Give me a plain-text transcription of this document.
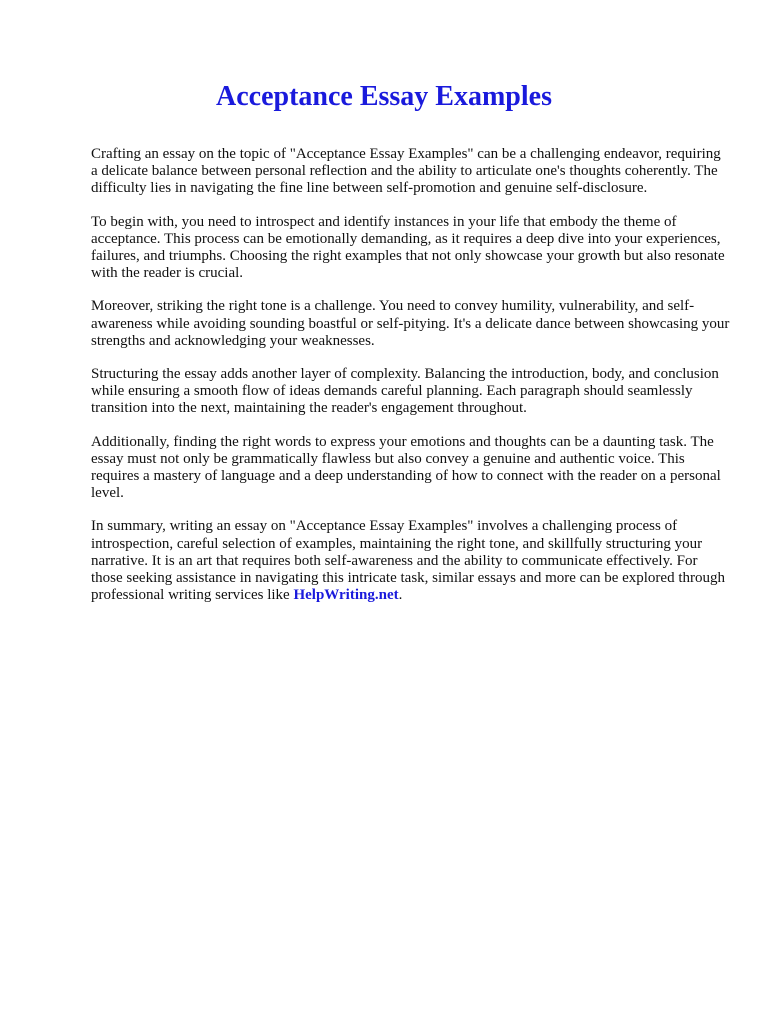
Acceptance Essay Examples

Crafting an essay on the topic of "Acceptance Essay Examples" can be a challenging endeavor, requiring a delicate balance between personal reflection and the ability to articulate one's thoughts coherently. The difficulty lies in navigating the fine line between self-promotion and genuine self-disclosure.

To begin with, you need to introspect and identify instances in your life that embody the theme of acceptance. This process can be emotionally demanding, as it requires a deep dive into your experiences, failures, and triumphs. Choosing the right examples that not only showcase your growth but also resonate with the reader is crucial.

Moreover, striking the right tone is a challenge. You need to convey humility, vulnerability, and self-awareness while avoiding sounding boastful or self-pitying. It's a delicate dance between showcasing your strengths and acknowledging your weaknesses.

Structuring the essay adds another layer of complexity. Balancing the introduction, body, and conclusion while ensuring a smooth flow of ideas demands careful planning. Each paragraph should seamlessly transition into the next, maintaining the reader's engagement throughout.

Additionally, finding the right words to express your emotions and thoughts can be a daunting task. The essay must not only be grammatically flawless but also convey a genuine and authentic voice. This requires a mastery of language and a deep understanding of how to connect with the reader on a personal level.

In summary, writing an essay on "Acceptance Essay Examples" involves a challenging process of introspection, careful selection of examples, maintaining the right tone, and skillfully structuring your narrative. It is an art that requires both self-awareness and the ability to communicate effectively. For those seeking assistance in navigating this intricate task, similar essays and more can be explored through professional writing services like HelpWriting.net.
